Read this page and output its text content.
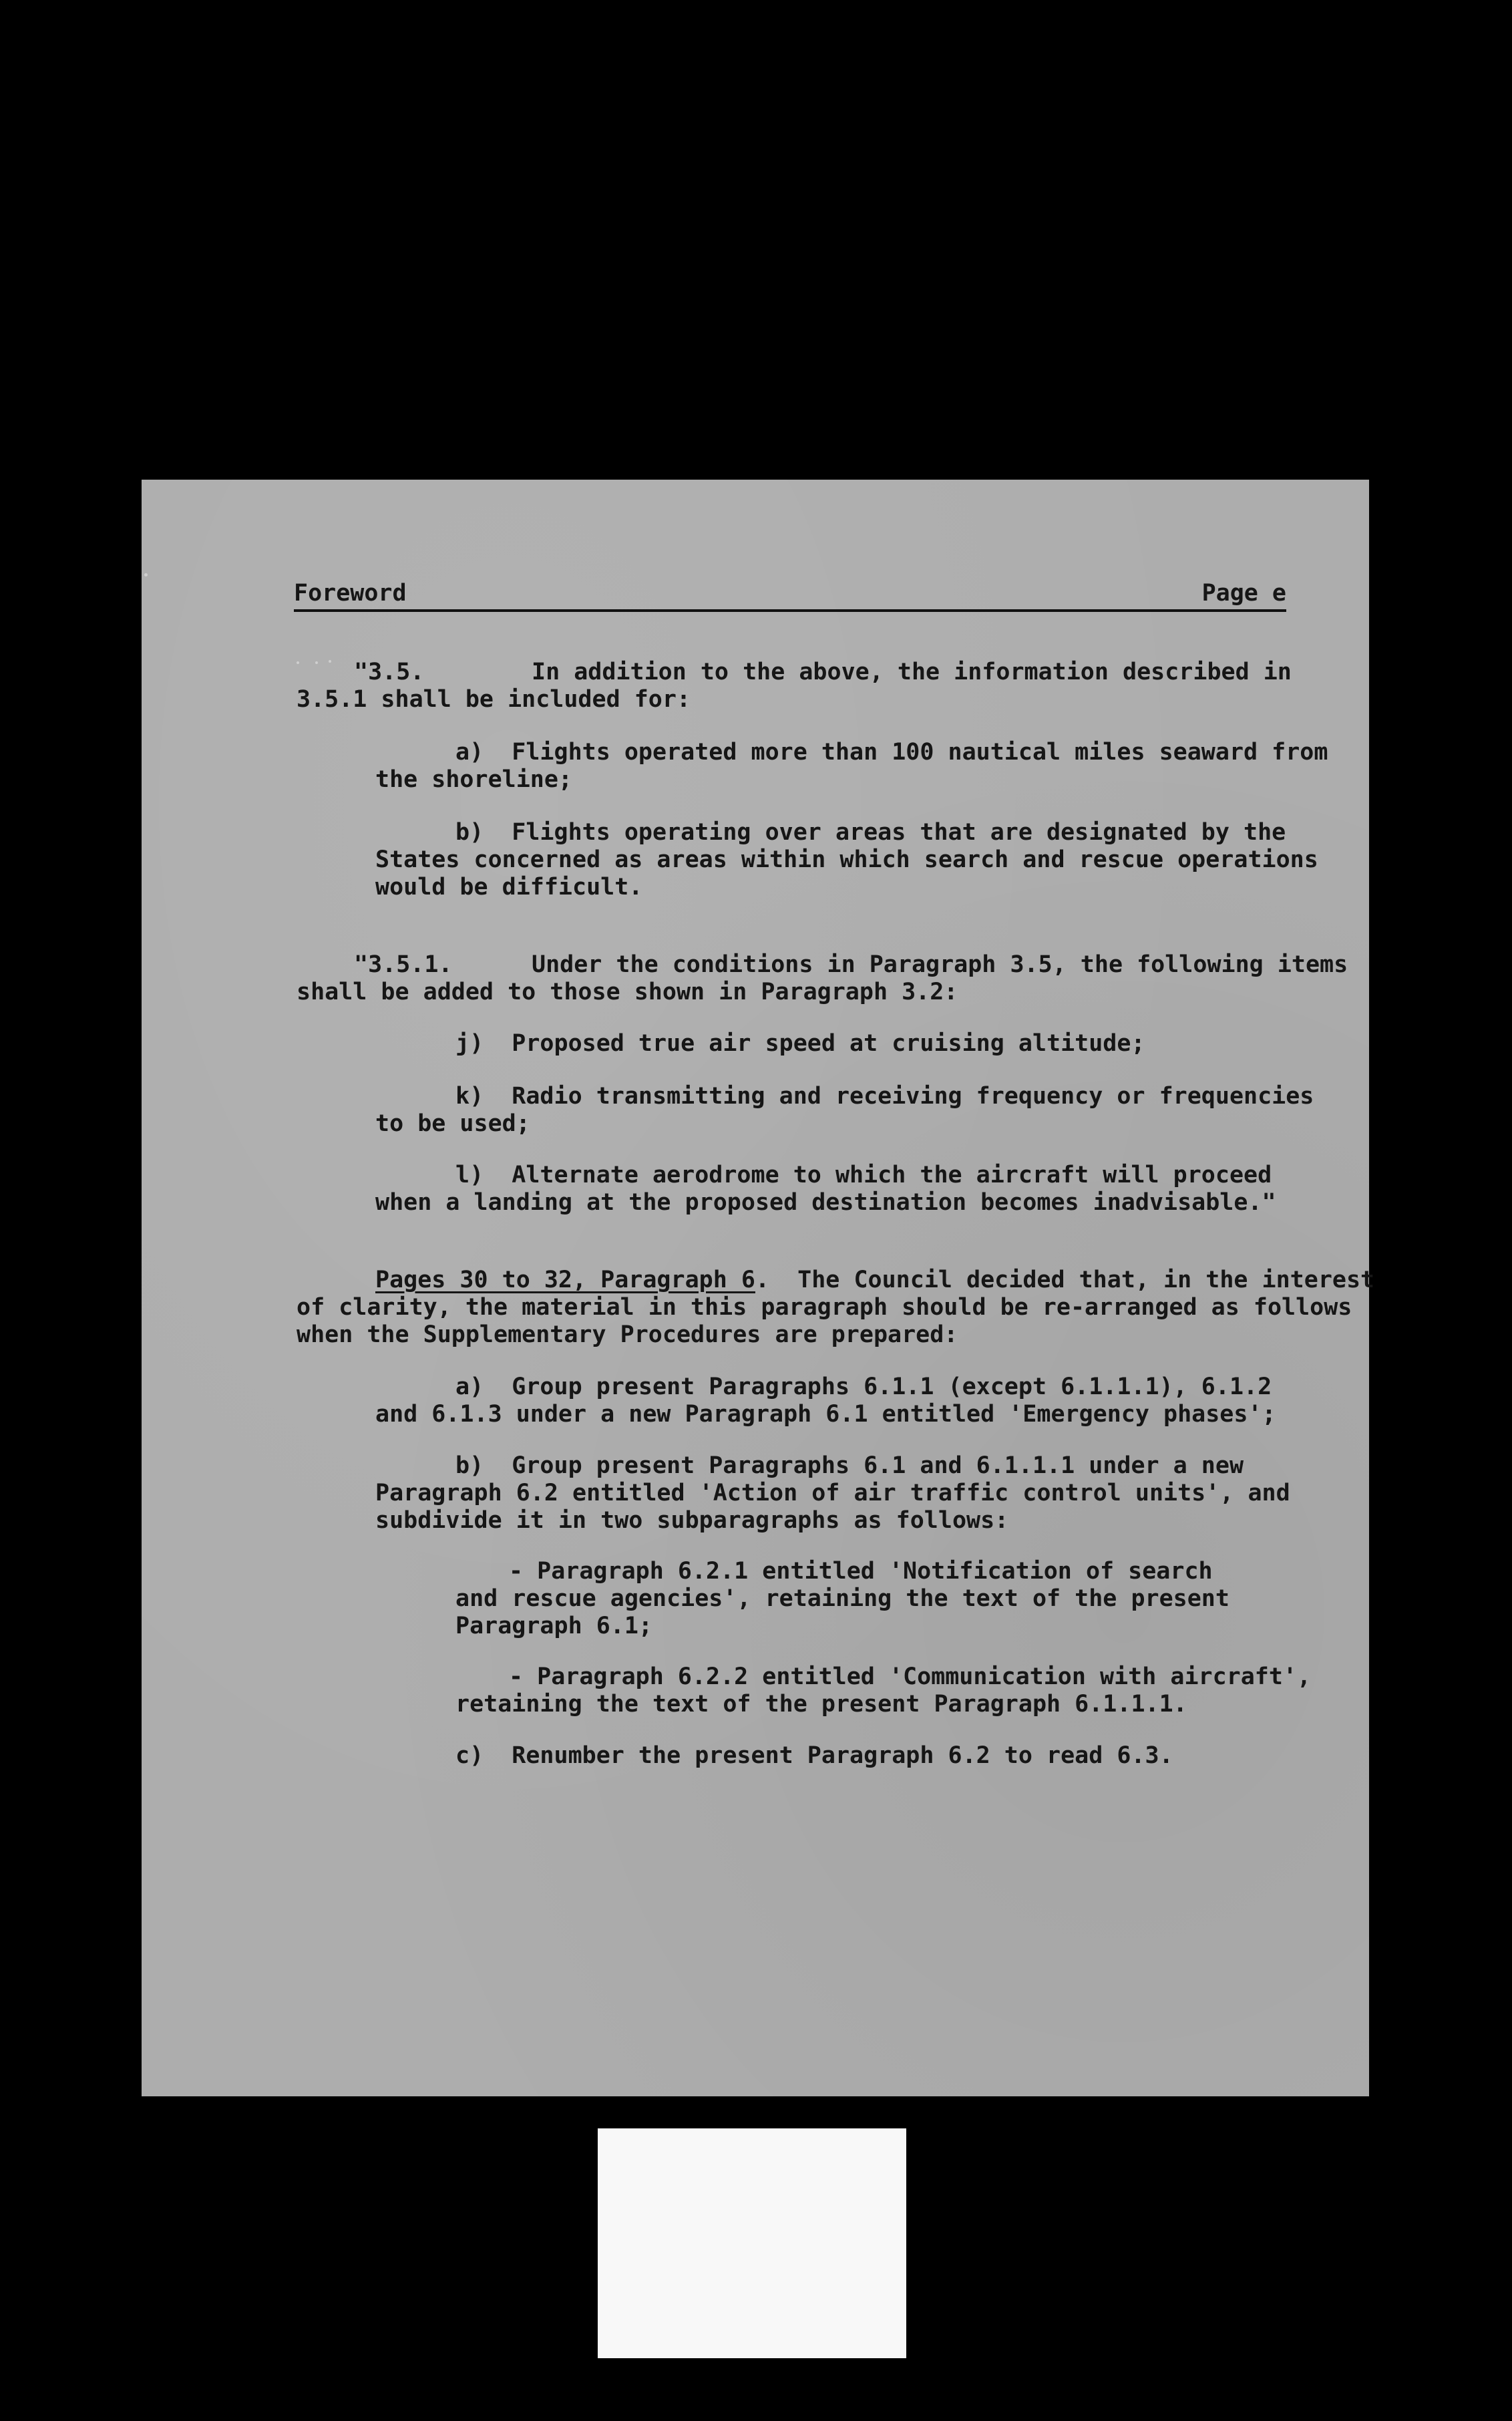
Foreword	Page e
"3.5.	In addition to the above, the information described in
3.5.1 shall be included for:
a)  Flights operated more than 100 nautical miles seaward from
the shoreline;
b)  Flights operating over areas that are designated by the
States concerned as areas within which search and rescue operations
would be difficult.
"3.5.1.	Under the conditions in Paragraph 3.5, the following items
shall be added to those shown in Paragraph 3.2:
j)  Proposed true air speed at cruising altitude;
k)  Radio transmitting and receiving frequency or frequencies
to be used;
l)  Alternate aerodrome to which the aircraft will proceed
when a landing at the proposed destination becomes inadvisable."
Pages 30 to 32, Paragraph 6.  The Council decided that, in the interest
of clarity, the material in this paragraph should be re-arranged as follows
when the Supplementary Procedures are prepared:
a)  Group present Paragraphs 6.1.1 (except 6.1.1.1), 6.1.2
and 6.1.3 under a new Paragraph 6.1 entitled 'Emergency phases';
b)  Group present Paragraphs 6.1 and 6.1.1.1 under a new
Paragraph 6.2 entitled 'Action of air traffic control units', and
subdivide it in two subparagraphs as follows:
- Paragraph 6.2.1 entitled 'Notification of search
and rescue agencies', retaining the text of the present
Paragraph 6.1;
- Paragraph 6.2.2 entitled 'Communication with aircraft',
retaining the text of the present Paragraph 6.1.1.1.
c)  Renumber the present Paragraph 6.2 to read 6.3.
